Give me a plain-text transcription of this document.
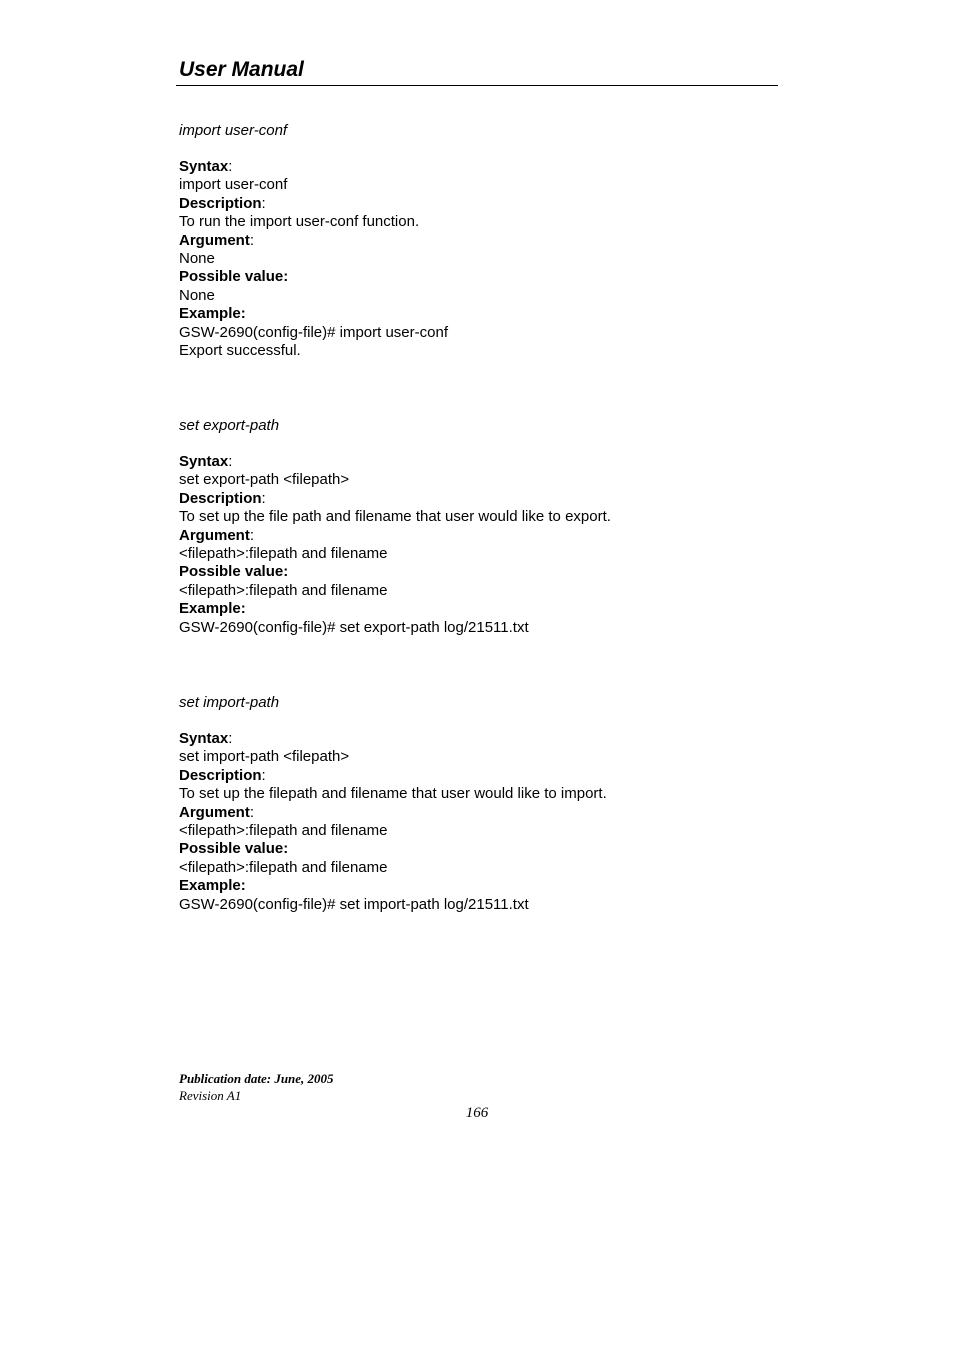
User Manual
import user-conf
Syntax:
import user-conf
Description:
To run the import user-conf function.
Argument:
None
Possible value:
None
Example:
GSW-2690(config-file)# import user-conf
Export successful.
set export-path
Syntax:
set export-path <filepath>
Description:
To set up the file path and filename that user would like to export.
Argument:
<filepath>:filepath and filename
Possible value:
<filepath>:filepath and filename
Example:
GSW-2690(config-file)# set export-path log/21511.txt
set import-path
Syntax:
set import-path <filepath>
Description:
To set up the filepath and filename that user would like to import.
Argument:
<filepath>:filepath and filename
Possible value:
<filepath>:filepath and filename
Example:
GSW-2690(config-file)# set import-path log/21511.txt
Publication date: June, 2005
Revision A1
166
